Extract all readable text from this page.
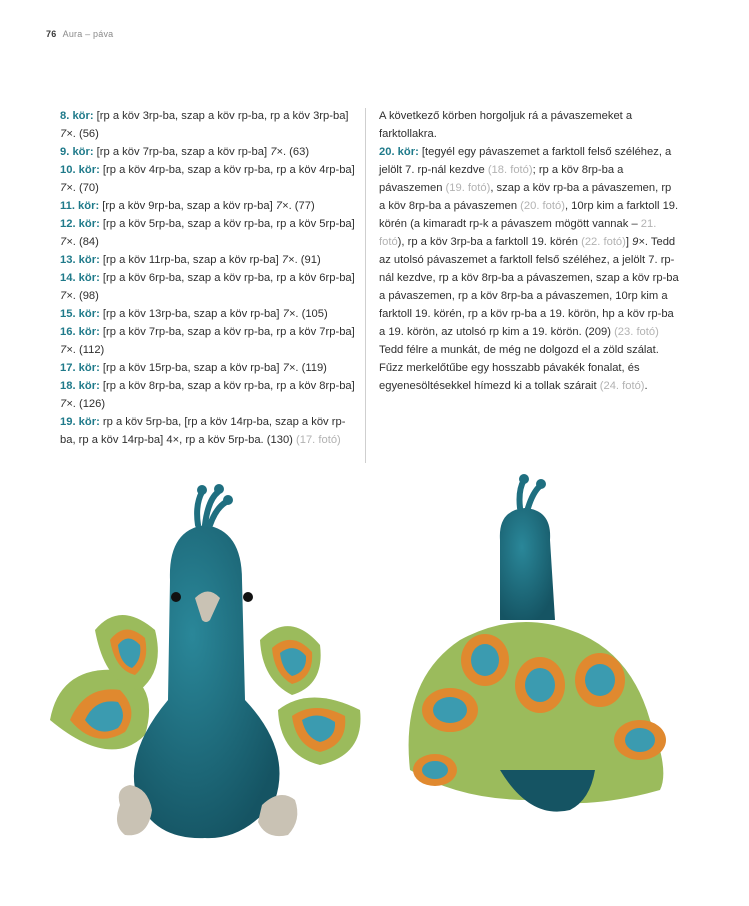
76 Aura – páva

8. kör: [rp a köv 3rp-ba, szap a köv rp-ba, rp a köv 3rp-ba] 7×. (56)

9. kör: [rp a köv 7rp-ba, szap a köv rp-ba] 7×. (63)

10. kör: [rp a köv 4rp-ba, szap a köv rp-ba, rp a köv 4rp-ba] 7×. (70)

11. kör: [rp a köv 9rp-ba, szap a köv rp-ba] 7×. (77)

12. kör: [rp a köv 5rp-ba, szap a köv rp-ba, rp a köv 5rp-ba] 7×. (84)

13. kör: [rp a köv 11rp-ba, szap a köv rp-ba] 7×. (91)

14. kör: [rp a köv 6rp-ba, szap a köv rp-ba, rp a köv 6rp-ba] 7×. (98)

15. kör: [rp a köv 13rp-ba, szap a köv rp-ba] 7×. (105)

16. kör: [rp a köv 7rp-ba, szap a köv rp-ba, rp a köv 7rp-ba] 7×. (112)

17. kör: [rp a köv 15rp-ba, szap a köv rp-ba] 7×. (119)

18. kör: [rp a köv 8rp-ba, szap a köv rp-ba, rp a köv 8rp-ba] 7×. (126)

19. kör: rp a köv 5rp-ba, [rp a köv 14rp-ba, szap a köv rp-ba, rp a köv 14rp-ba] 4×, rp a köv 5rp-ba. (130) (17. fotó)

A következő körben horgoljuk rá a pávaszemeket a farktollakra.

20. kör: [tegyél egy pávaszemet a farktoll felső széléhez, a jelölt 7. rp-nál kezdve (18. fotó); rp a köv 8rp-ba a pávaszemen (19. fotó), szap a köv rp-ba a pávaszemen, rp a köv 8rp-ba a pávaszemen (20. fotó), 10rp kim a farktoll 19. körén (a kimaradt rp-k a pávaszem mögött vannak – 21. fotó), rp a köv 3rp-ba a farktoll 19. körén (22. fotó)] 9×. Tedd az utolsó pávaszemet a farktoll felső széléhez, a jelölt 7. rp-nál kezdve, rp a köv 8rp-ba a pávaszemen, szap a köv rp-ba a pávaszemen, rp a köv 8rp-ba a pávaszemen, 10rp kim a farktoll 19. körén, rp a köv rp-ba a 19. körön, hp a köv rp-ba a 19. körön, az utolsó rp kim a 19. körön. (209) (23. fotó)

Tedd félre a munkát, de még ne dolgozd el a zöld szálat.

Fűzz merkelőtűbe egy hosszabb pávakék fonalat, és egyenesöltésekkel hímezd ki a tollak szárait (24. fotó).
